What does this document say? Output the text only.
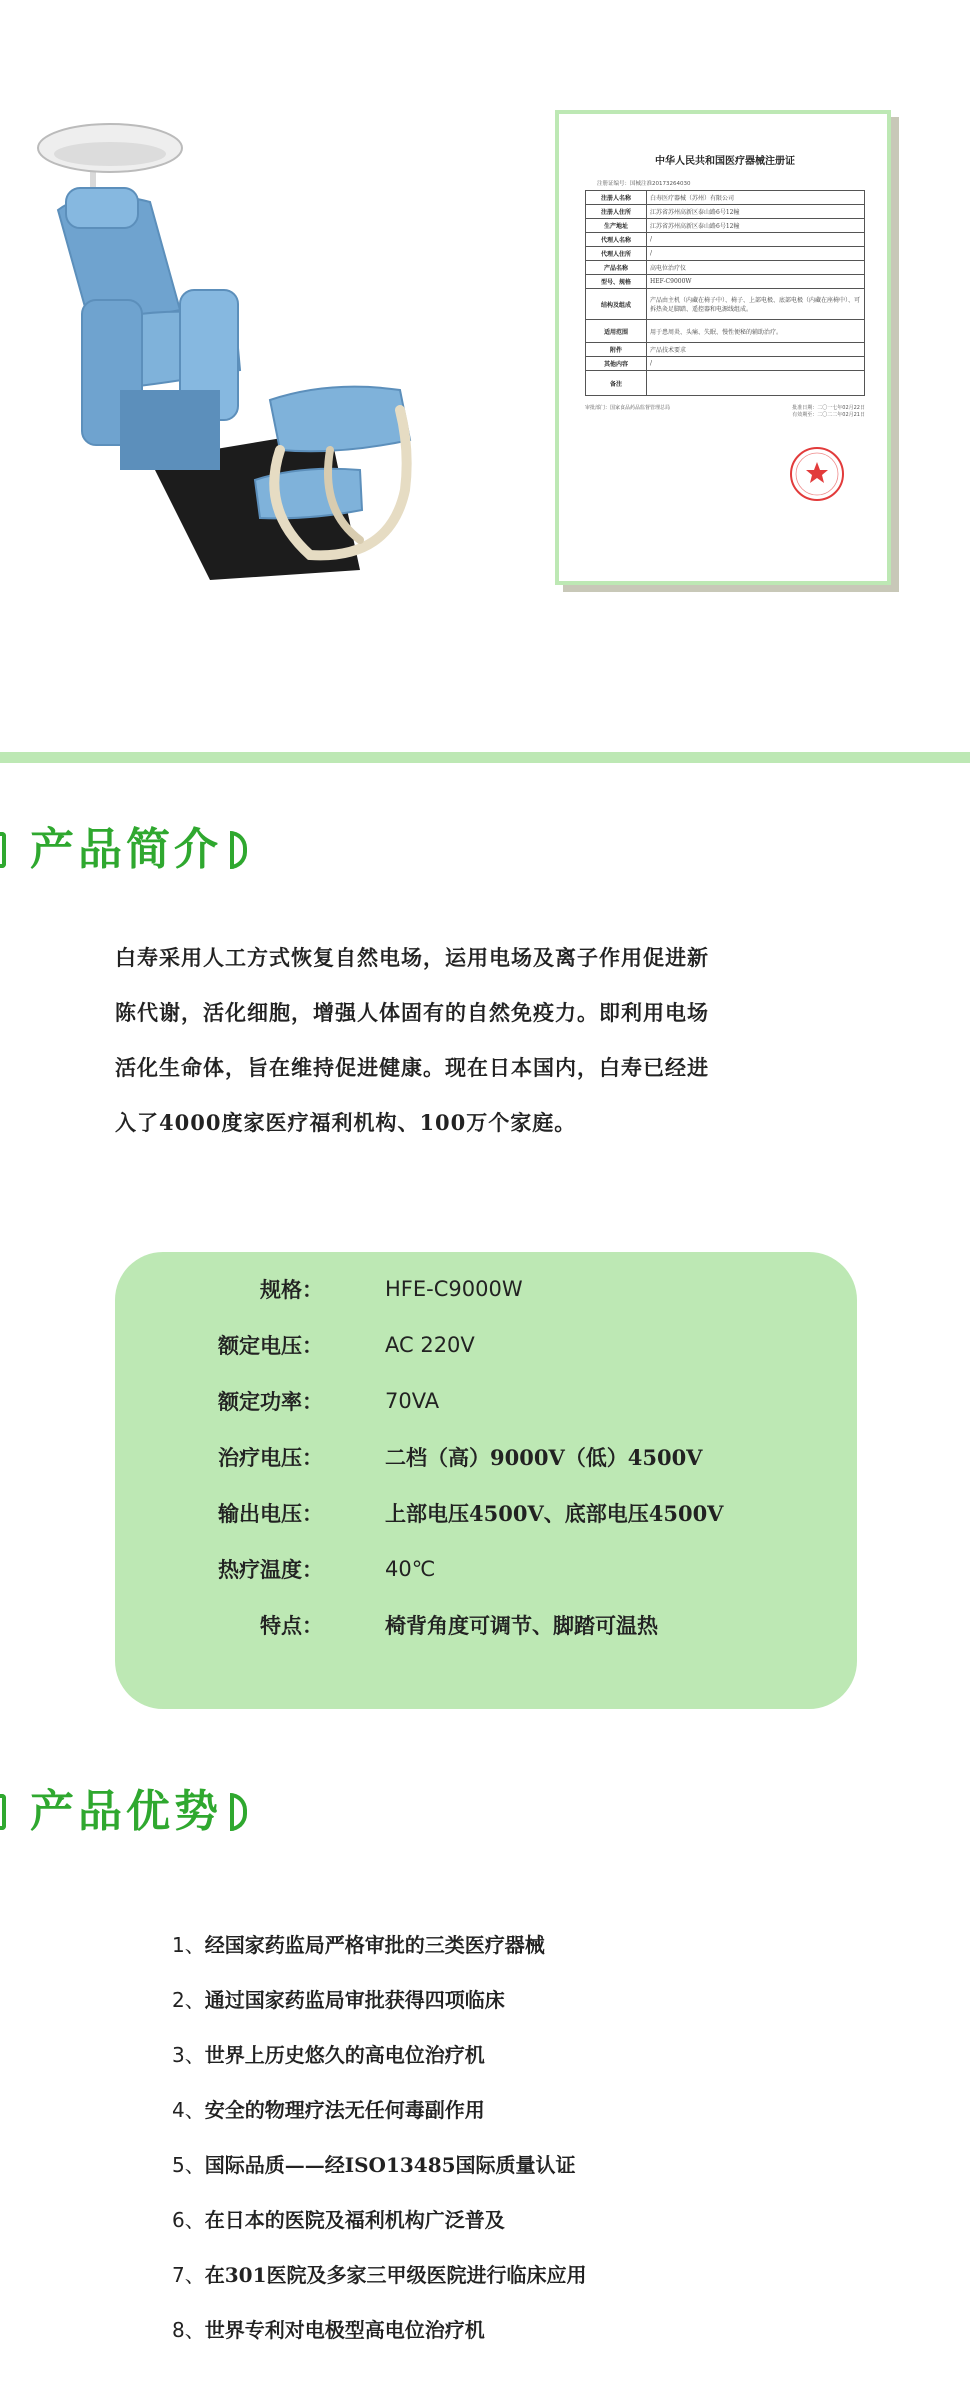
中华人民共和国医疗器械注册证
注册证编号：国械注准20173264030
注册人名称	白寿医疗器械（苏州）有限公司
注册人住所	江苏省苏州高新区泰山路6号12幢
生产地址	江苏省苏州高新区泰山路6号12幢
代理人名称	/
代理人住所	/
产品名称	高电位治疗仪
型号、规格	HEF-C9000W
结构及组成	产品由主机（内藏在椅子中）、椅子、上部电极、底部电极（内藏在座椅中）、可拆热灸足脚踏、遥控器和电源线组成。
适用范围	用于患周炎、头痛、失眠、慢性便秘的辅助治疗。
附件	产品技术要求
其他内容	/
备注	
审批部门：国家食品药品监督管理总局	批准日期：二〇一七年02月22日
有效期至：二〇二二年02月21日
产品简介
白寿采用人工方式恢复自然电场，运用电场及离子作用促进新
陈代谢，活化细胞，增强人体固有的自然免疫力。即利用电场
活化生命体，旨在维持促进健康。现在日本国内，白寿已经进
入了4000度家医疗福利机构、100万个家庭。
规格：	HFE-C9000W
额定电压：	AC 220V
额定功率：	70VA
治疗电压：	二档（高）9000V（低）4500V
输出电压：	上部电压4500V、底部电压4500V
热疗温度：	40℃
特点：	椅背角度可调节、脚踏可温热
产品优势
1、经国家药监局严格审批的三类医疗器械
2、通过国家药监局审批获得四项临床
3、世界上历史悠久的高电位治疗机
4、安全的物理疗法无任何毒副作用
5、国际品质——经ISO13485国际质量认证
6、在日本的医院及福利机构广泛普及
7、在301医院及多家三甲级医院进行临床应用
8、世界专利对电极型高电位治疗机
